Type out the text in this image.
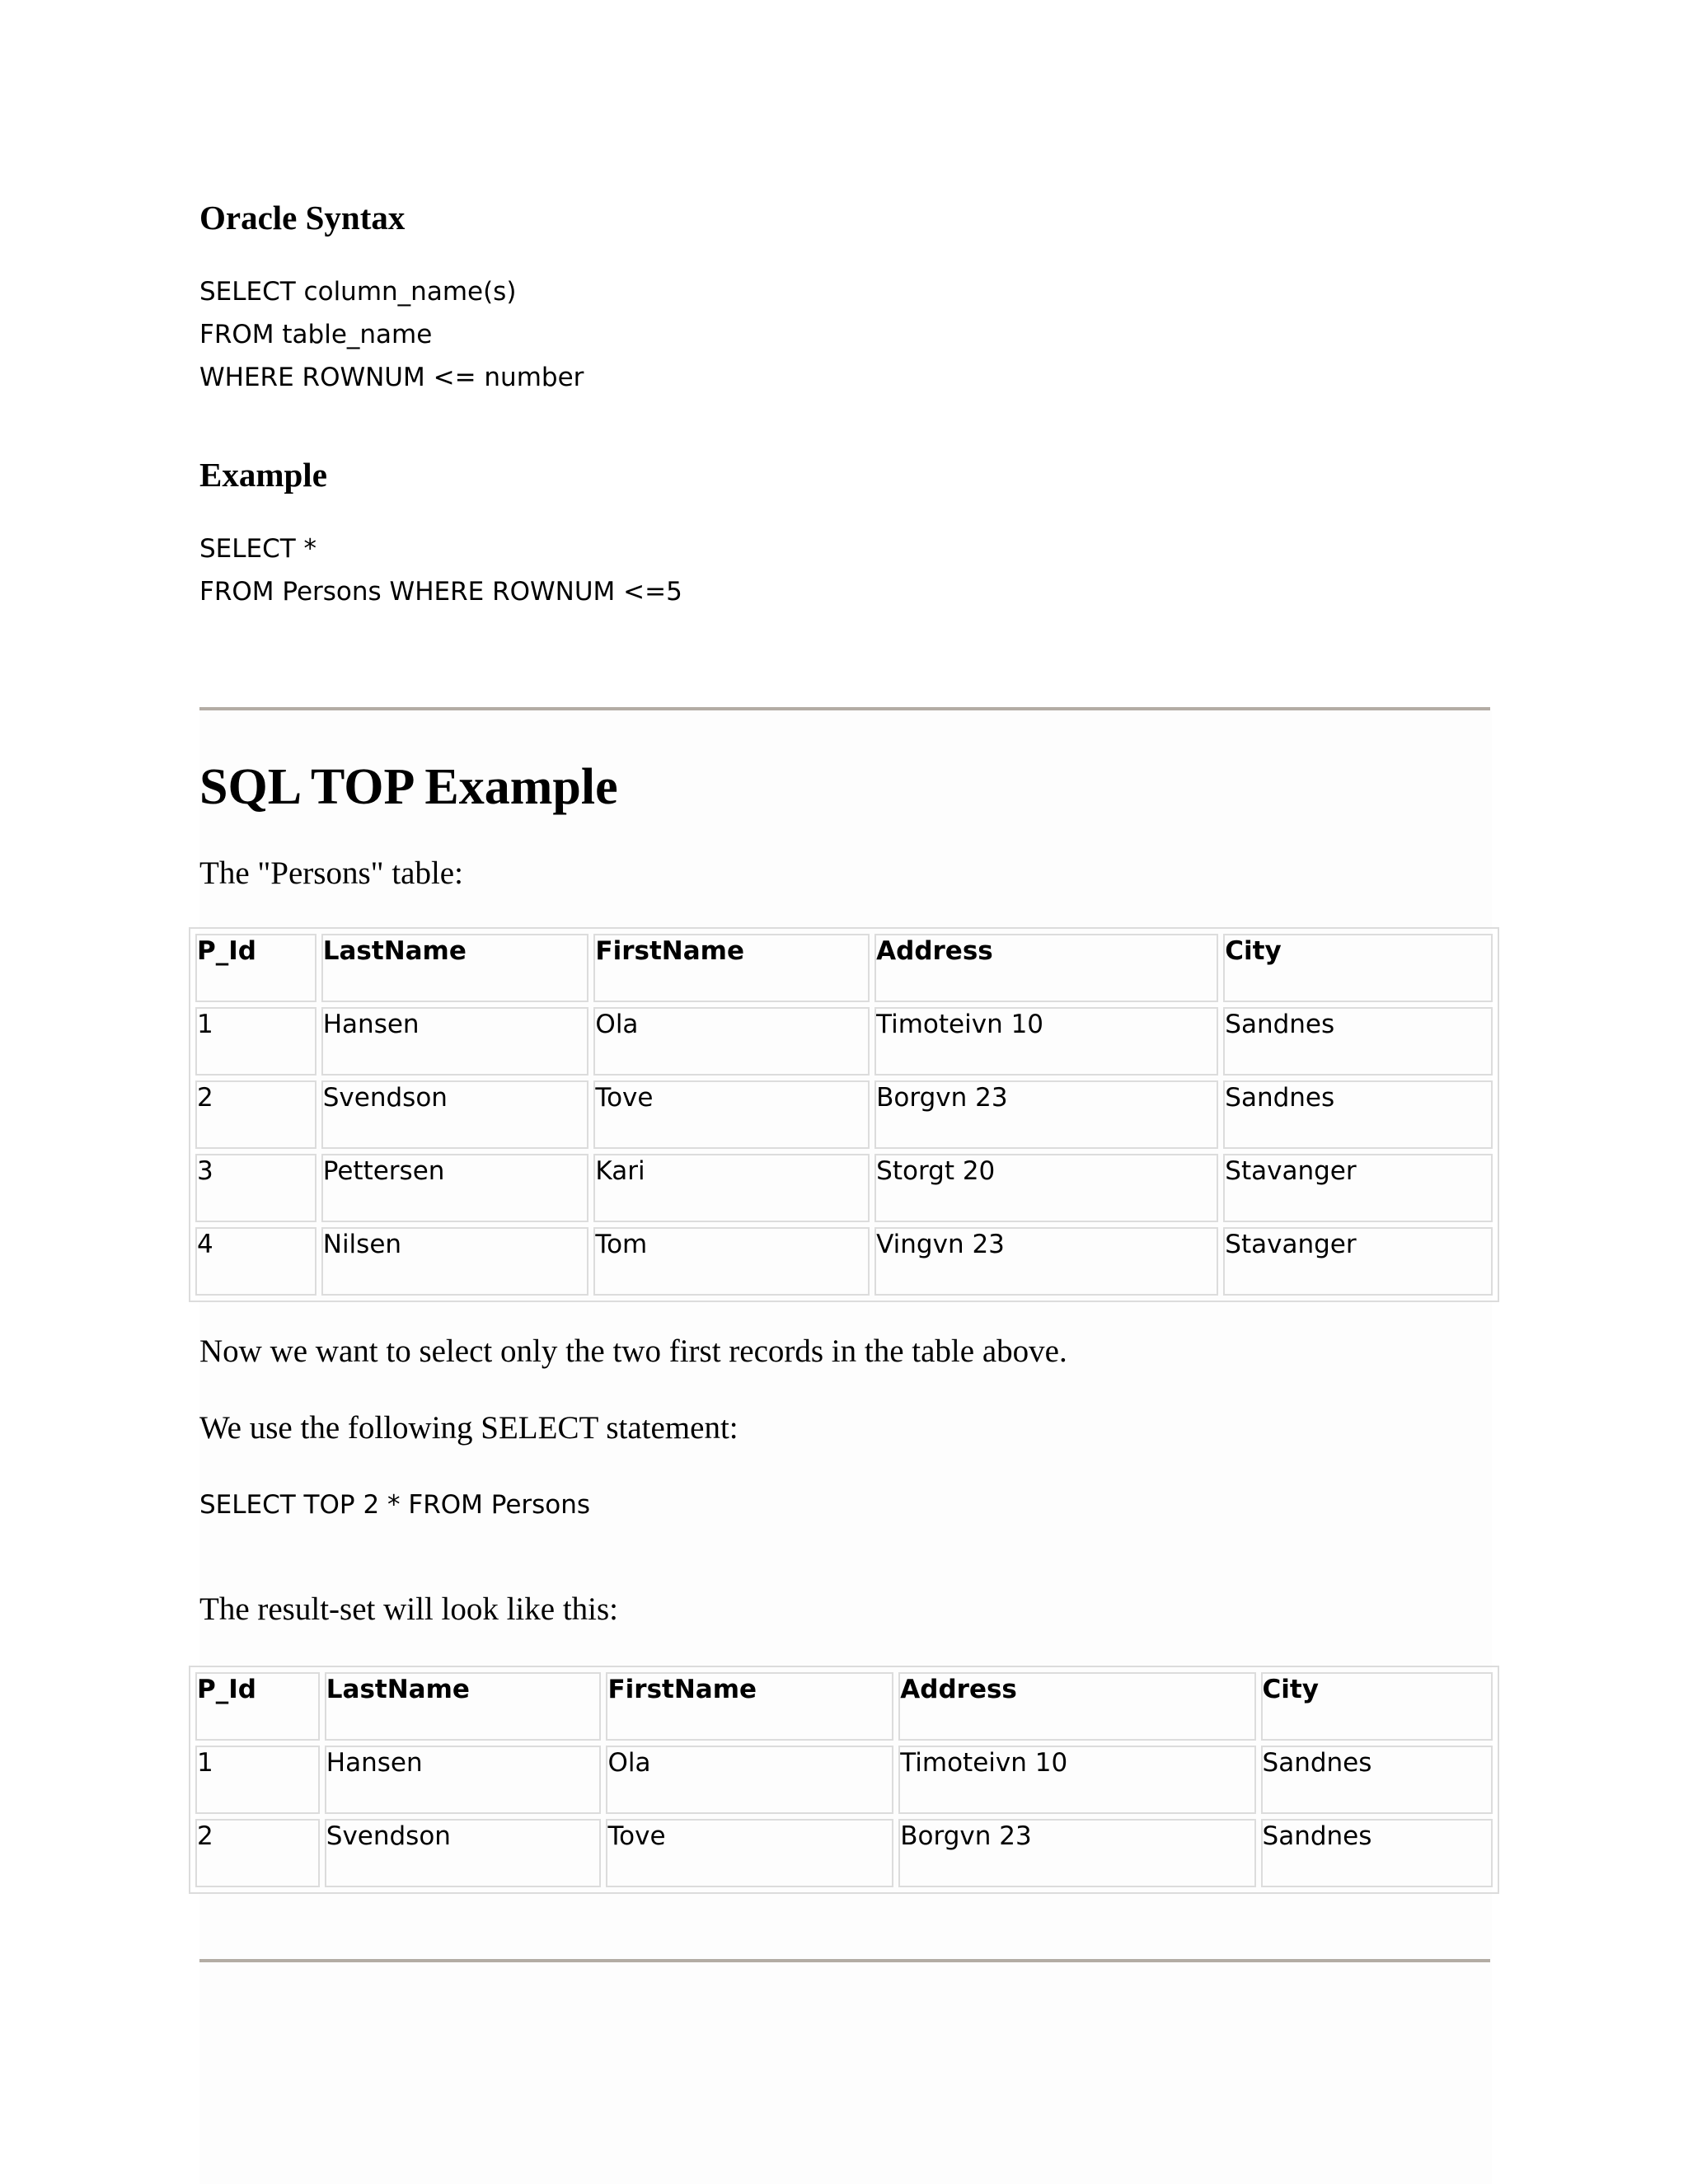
Oracle Syntax
SELECT column_name(s)
FROM table_name
WHERE ROWNUM <= number
Example
SELECT *
FROM Persons WHERE ROWNUM <=5
SQL TOP Example
The "Persons" table:
P_Id	LastName	FirstName	Address	City

1	Hansen	Ola	Timoteivn 10	Sandnes

2	Svendson	Tove	Borgvn 23	Sandnes

3	Pettersen	Kari	Storgt 20	Stavanger

4	Nilsen	Tom	Vingvn 23	Stavanger
Now we want to select only the two first records in the table above.
We use the following SELECT statement:
SELECT TOP 2 * FROM Persons
The result-set will look like this:
P_Id	LastName	FirstName	Address	City

1	Hansen	Ola	Timoteivn 10	Sandnes

2	Svendson	Tove	Borgvn 23	Sandnes
